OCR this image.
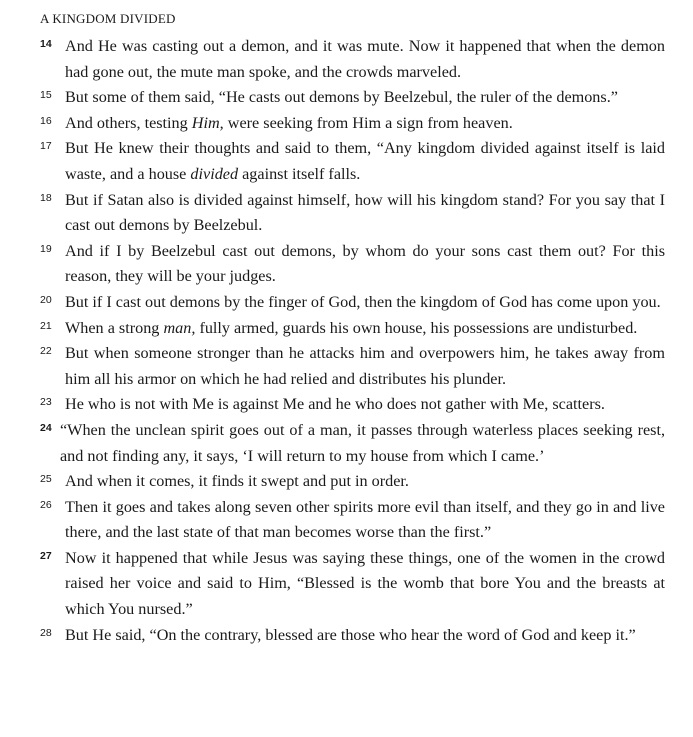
A KINGDOM DIVIDED
14 And He was casting out a demon, and it was mute. Now it happened that when the demon had gone out, the mute man spoke, and the crowds marveled.
15 But some of them said, “He casts out demons by Beelzebul, the ruler of the demons.”
16 And others, testing Him, were seeking from Him a sign from heaven.
17 But He knew their thoughts and said to them, “Any kingdom divided against itself is laid waste, and a house divided against itself falls.
18 But if Satan also is divided against himself, how will his kingdom stand? For you say that I cast out demons by Beelzebul.
19 And if I by Beelzebul cast out demons, by whom do your sons cast them out? For this reason, they will be your judges.
20 But if I cast out demons by the finger of God, then the kingdom of God has come upon you.
21 When a strong man, fully armed, guards his own house, his possessions are undisturbed.
22 But when someone stronger than he attacks him and overpowers him, he takes away from him all his armor on which he had relied and distributes his plunder.
23 He who is not with Me is against Me and he who does not gather with Me, scatters.
24 “When the unclean spirit goes out of a man, it passes through waterless places seeking rest, and not finding any, it says, ‘I will return to my house from which I came.’
25 And when it comes, it finds it swept and put in order.
26 Then it goes and takes along seven other spirits more evil than itself, and they go in and live there, and the last state of that man becomes worse than the first.”
27 Now it happened that while Jesus was saying these things, one of the women in the crowd raised her voice and said to Him, “Blessed is the womb that bore You and the breasts at which You nursed.”
28 But He said, “On the contrary, blessed are those who hear the word of God and keep it.”
